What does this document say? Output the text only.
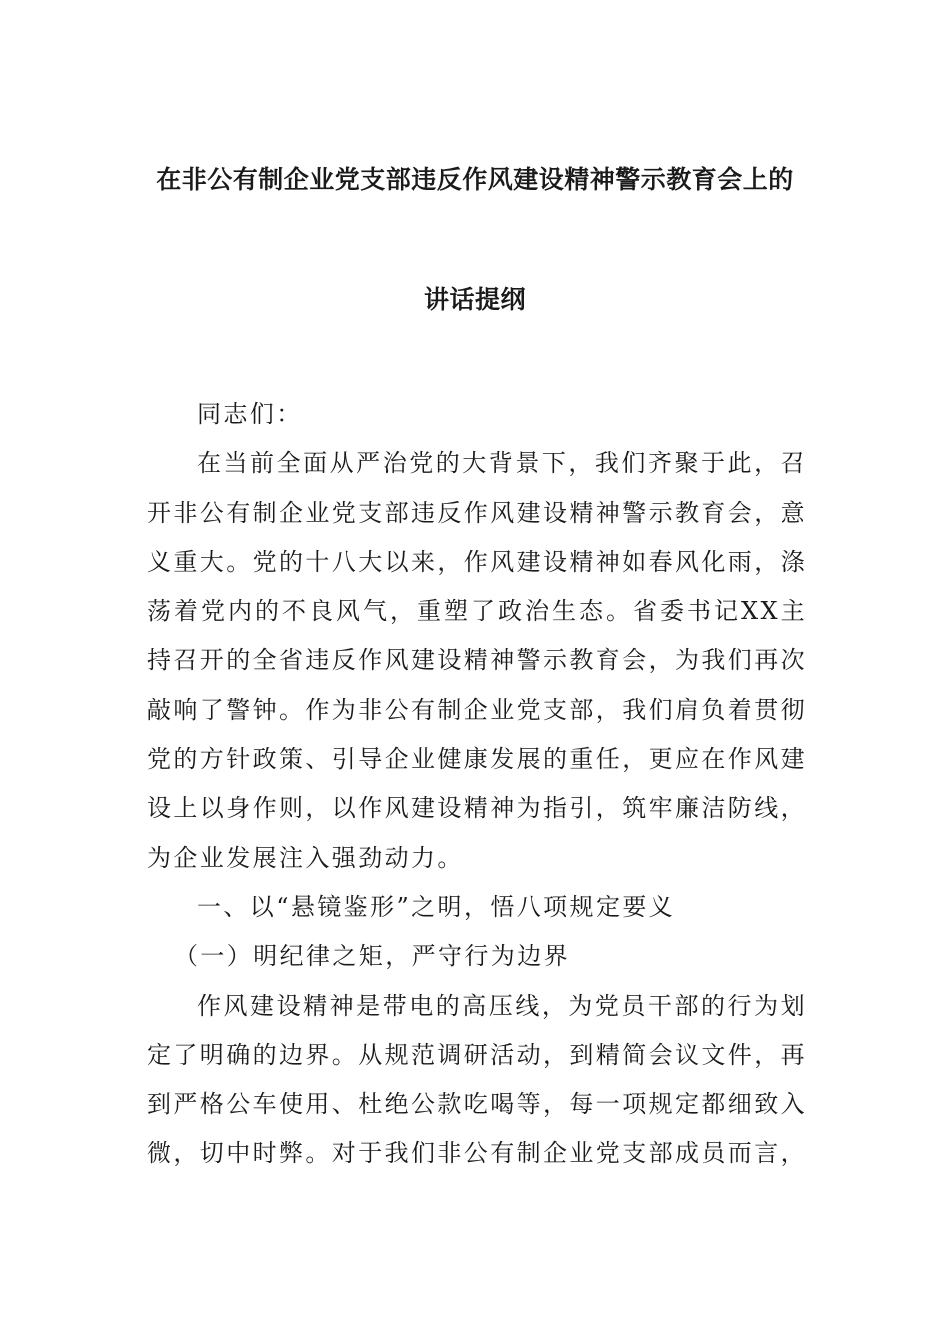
在非公有制企业党支部违反作风建设精神警示教育会上的
讲话提纲

同志们：

在当前全面从严治党的大背景下，我们齐聚于此，召开非公有制企业党支部违反作风建设精神警示教育会，意义重大。党的十八大以来，作风建设精神如春风化雨，涤荡着党内的不良风气，重塑了政治生态。省委书记XX主持召开的全省违反作风建设精神警示教育会，为我们再次敲响了警钟。作为非公有制企业党支部，我们肩负着贯彻党的方针政策、引导企业健康发展的重任，更应在作风建设上以身作则，以作风建设精神为指引，筑牢廉洁防线，为企业发展注入强劲动力。

一、以“悬镜鉴形”之明，悟八项规定要义

（一）明纪律之矩，严守行为边界

作风建设精神是带电的高压线，为党员干部的行为划定了明确的边界。从规范调研活动，到精简会议文件，再到严格公车使用、杜绝公款吃喝等，每一项规定都细致入微，切中时弊。对于我们非公有制企业党支部成员而言，
